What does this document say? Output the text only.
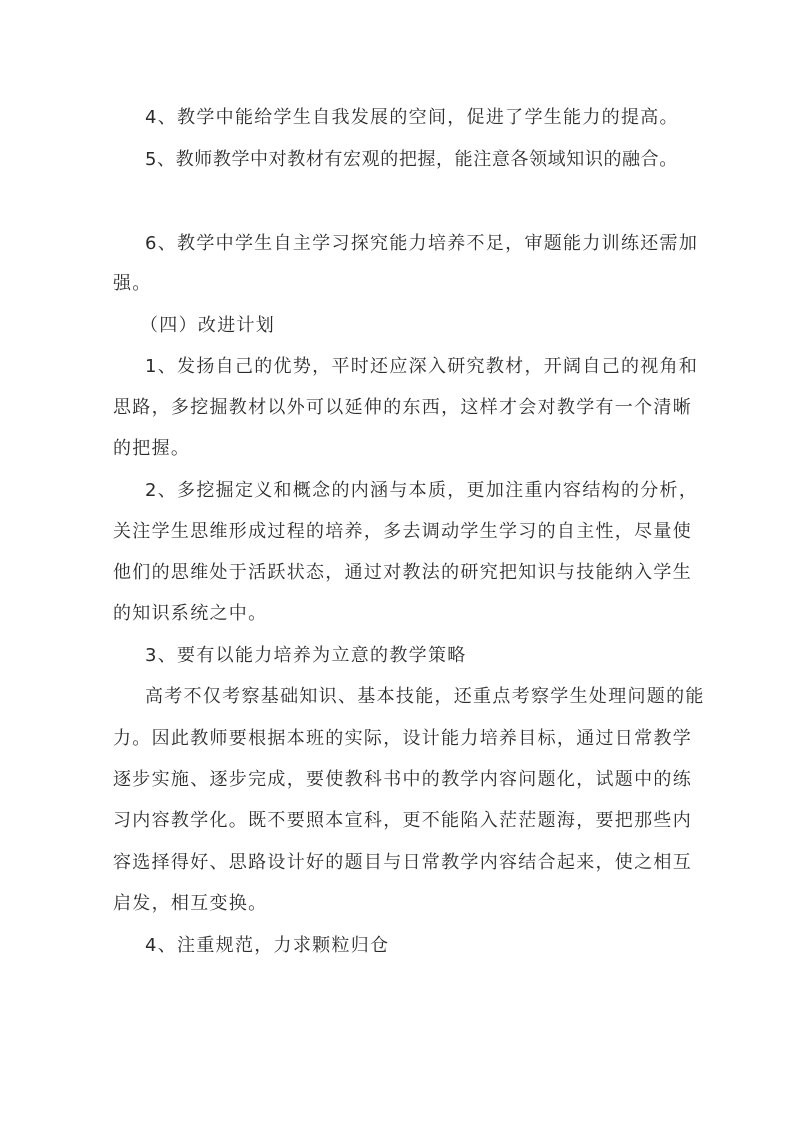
4、教学中能给学生自我发展的空间，促进了学生能力的提高。
5、教师教学中对教材有宏观的把握，能注意各领域知识的融合。
6、教学中学生自主学习探究能力培养不足，审题能力训练还需加
强。
（四）改进计划
1、发扬自己的优势，平时还应深入研究教材，开阔自己的视角和
思路，多挖掘教材以外可以延伸的东西，这样才会对教学有一个清晰
的把握。
2、多挖掘定义和概念的内涵与本质，更加注重内容结构的分析，
关注学生思维形成过程的培养，多去调动学生学习的自主性，尽量使
他们的思维处于活跃状态，通过对教法的研究把知识与技能纳入学生
的知识系统之中。
3、要有以能力培养为立意的教学策略
高考不仅考察基础知识、基本技能，还重点考察学生处理问题的能
力。因此教师要根据本班的实际，设计能力培养目标，通过日常教学
逐步实施、逐步完成，要使教科书中的教学内容问题化，试题中的练
习内容教学化。既不要照本宣科，更不能陷入茫茫题海，要把那些内
容选择得好、思路设计好的题目与日常教学内容结合起来，使之相互
启发，相互变换。
4、注重规范，力求颗粒归仓
